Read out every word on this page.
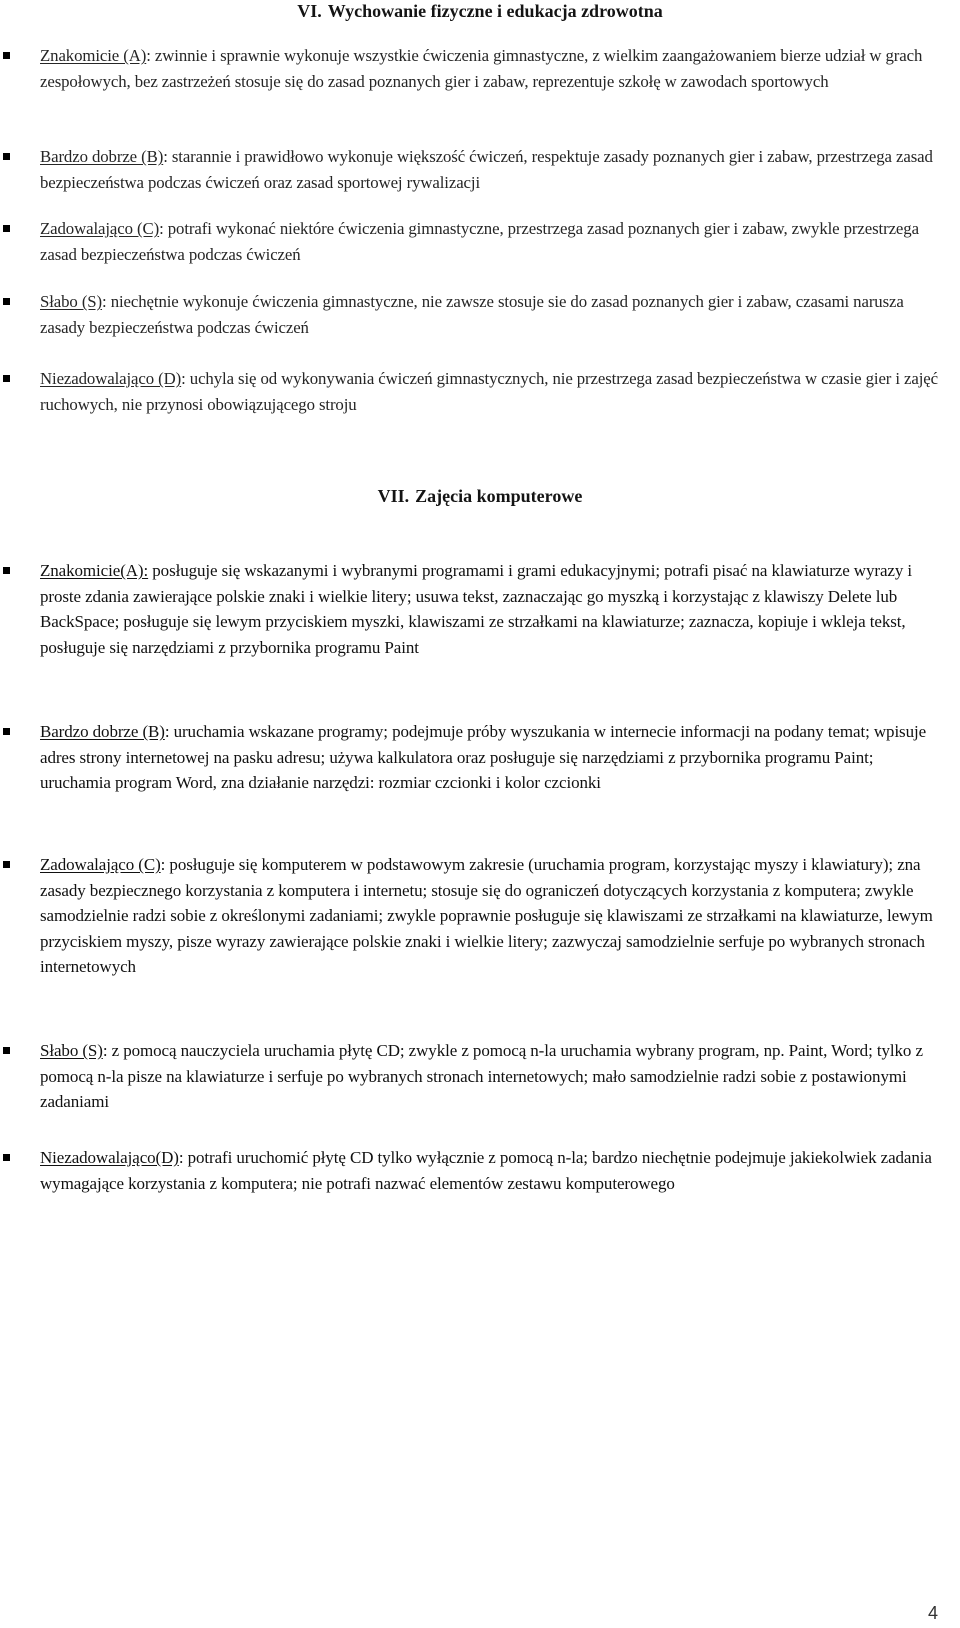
VI. Wychowanie fizyczne i edukacja zdrowotna
Znakomicie (A): zwinnie i sprawnie wykonuje wszystkie ćwiczenia gimnastyczne, z wielkim zaangażowaniem bierze udział w grach zespołowych, bez zastrzeżeń stosuje się do zasad poznanych gier i zabaw, reprezentuje szkołę w zawodach sportowych
Bardzo dobrze (B): starannie i prawidłowo wykonuje większość ćwiczeń, respektuje zasady poznanych gier i zabaw, przestrzega zasad bezpieczeństwa podczas ćwiczeń oraz zasad sportowej rywalizacji
Zadowalająco (C): potrafi wykonać niektóre ćwiczenia gimnastyczne, przestrzega zasad poznanych gier i zabaw, zwykle przestrzega zasad bezpieczeństwa podczas ćwiczeń
Słabo (S): niechętnie wykonuje ćwiczenia gimnastyczne, nie zawsze stosuje sie do zasad poznanych gier i zabaw, czasami narusza zasady bezpieczeństwa podczas ćwiczeń
Niezadowalająco (D): uchyla się od wykonywania ćwiczeń gimnastycznych, nie przestrzega zasad bezpieczeństwa w czasie gier i zajęć ruchowych, nie przynosi obowiązującego stroju
VII. Zajęcia komputerowe
Znakomicie(A): posługuje się wskazanymi i wybranymi programami i grami edukacyjnymi; potrafi pisać na klawiaturze wyrazy i proste zdania zawierające polskie znaki i wielkie litery; usuwa tekst, zaznaczając go myszką i korzystając z klawiszy Delete lub BackSpace; posługuje się lewym przyciskiem myszki, klawiszami ze strzałkami na klawiaturze; zaznacza, kopiuje i wkleja tekst, posługuje się narzędziami z przybornika programu Paint
Bardzo dobrze (B): uruchamia wskazane programy; podejmuje próby wyszukania w internecie informacji na podany temat; wpisuje adres strony internetowej na pasku adresu; używa kalkulatora oraz posługuje się narzędziami z przybornika programu Paint; uruchamia program Word, zna działanie narzędzi: rozmiar czcionki i kolor czcionki
Zadowalająco (C): posługuje się komputerem w podstawowym zakresie (uruchamia program, korzystając myszy i klawiatury); zna zasady bezpiecznego korzystania z komputera i internetu; stosuje się do ograniczeń dotyczących korzystania z komputera; zwykle samodzielnie radzi sobie z określonymi zadaniami; zwykle poprawnie posługuje się klawiszami ze strzałkami na klawiaturze, lewym przyciskiem myszy, pisze wyrazy zawierające polskie znaki i wielkie litery; zazwyczaj samodzielnie serfuje po wybranych stronach internetowych
Słabo (S): z pomocą nauczyciela uruchamia płytę CD; zwykle z pomocą n-la uruchamia wybrany program, np. Paint, Word; tylko z pomocą n-la pisze na klawiaturze i serfuje po wybranych stronach internetowych; mało samodzielnie radzi sobie z postawionymi zadaniami
Niezadowalająco(D): potrafi uruchomić płytę CD tylko wyłącznie z pomocą n-la; bardzo niechętnie podejmuje jakiekolwiek zadania wymagające korzystania z komputera; nie potrafi nazwać elementów zestawu komputerowego
4
